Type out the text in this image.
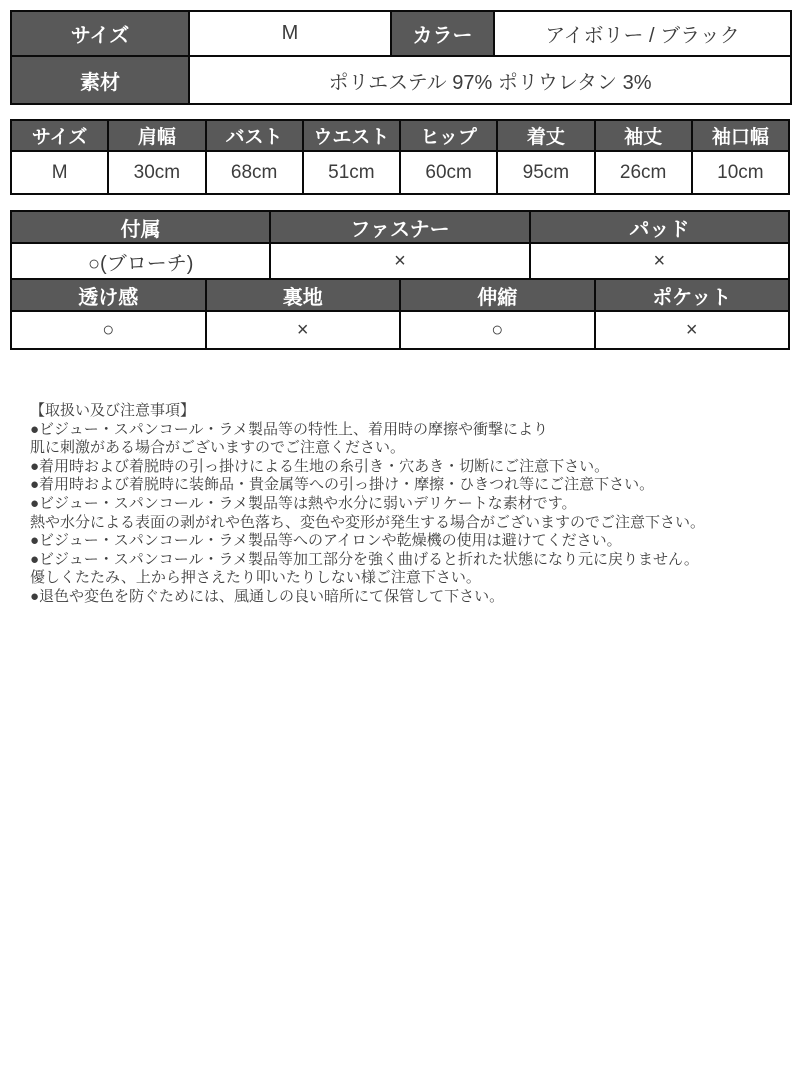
サイズ	M	カラー	アイボリー / ブラック
素材	ポリエステル 97% ポリウレタン 3%		
サイズ	肩幅	バスト	ウエスト	ヒップ	着丈	袖丈	袖口幅
M	30cm	68cm	51cm	60cm	95cm	26cm	10cm
付属	ファスナー	パッド
○(ブローチ)	×	×
透け感	裏地	伸縮	ポケット
○	×	○	×
【取扱い及び注意事項】
●ビジュー・スパンコール・ラメ製品等の特性上、着用時の摩擦や衝撃により
肌に刺激がある場合がございますのでご注意ください。
●着用時および着脱時の引っ掛けによる生地の糸引き・穴あき・切断にご注意下さい。
●着用時および着脱時に装飾品・貴金属等への引っ掛け・摩擦・ひきつれ等にご注意下さい。
●ビジュー・スパンコール・ラメ製品等は熱や水分に弱いデリケートな素材です。
熱や水分による表面の剥がれや色落ち、変色や変形が発生する場合がございますのでご注意下さい。
●ビジュー・スパンコール・ラメ製品等へのアイロンや乾燥機の使用は避けてください。
●ビジュー・スパンコール・ラメ製品等加工部分を強く曲げると折れた状態になり元に戻りません。
優しくたたみ、上から押さえたり叩いたりしない様ご注意下さい。
●退色や変色を防ぐためには、風通しの良い暗所にて保管して下さい。
